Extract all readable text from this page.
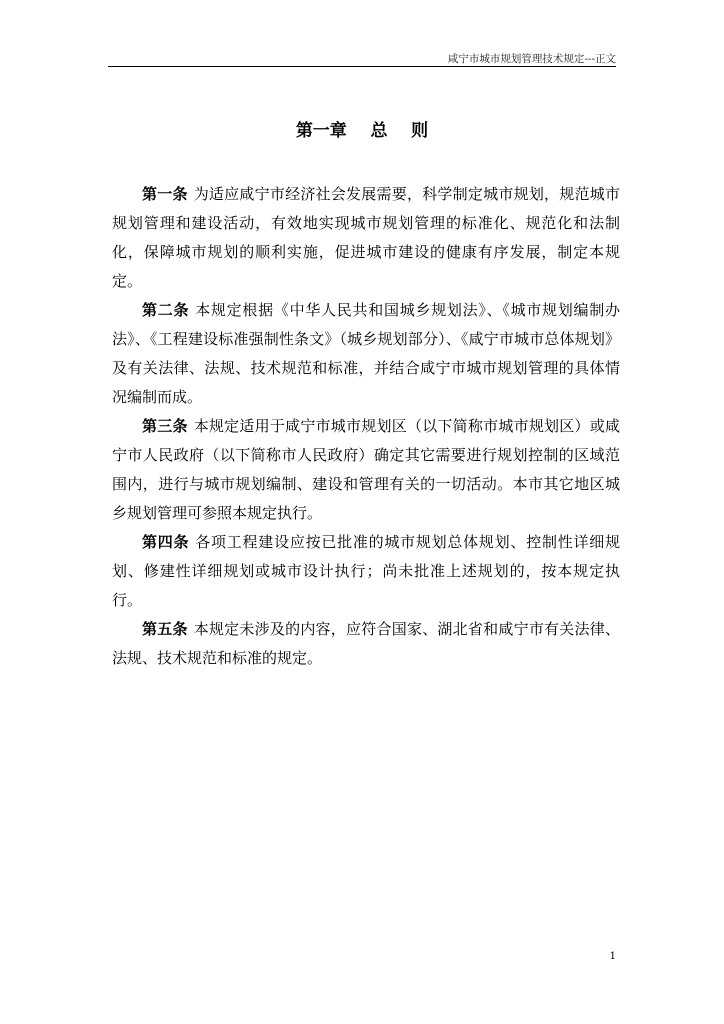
咸宁市城市规划管理技术规定---正文
第一章    总    则

第一条 为适应咸宁市经济社会发展需要，科学制定城市规划，规范城市规划管理和建设活动，有效地实现城市规划管理的标准化、规范化和法制化，保障城市规划的顺利实施，促进城市建设的健康有序发展，制定本规定。

第二条 本规定根据《中华人民共和国城乡规划法》、《城市规划编制办法》、《工程建设标准强制性条文》（城乡规划部分）、《咸宁市城市总体规划》及有关法律、法规、技术规范和标准，并结合咸宁市城市规划管理的具体情况编制而成。

第三条 本规定适用于咸宁市城市规划区（以下简称市城市规划区）或咸宁市人民政府（以下简称市人民政府）确定其它需要进行规划控制的区域范围内，进行与城市规划编制、建设和管理有关的一切活动。本市其它地区城乡规划管理可参照本规定执行。

第四条 各项工程建设应按已批准的城市规划总体规划、控制性详细规划、修建性详细规划或城市设计执行；尚未批准上述规划的，按本规定执行。

第五条 本规定未涉及的内容，应符合国家、湖北省和咸宁市有关法律、法规、技术规范和标准的规定。

1
